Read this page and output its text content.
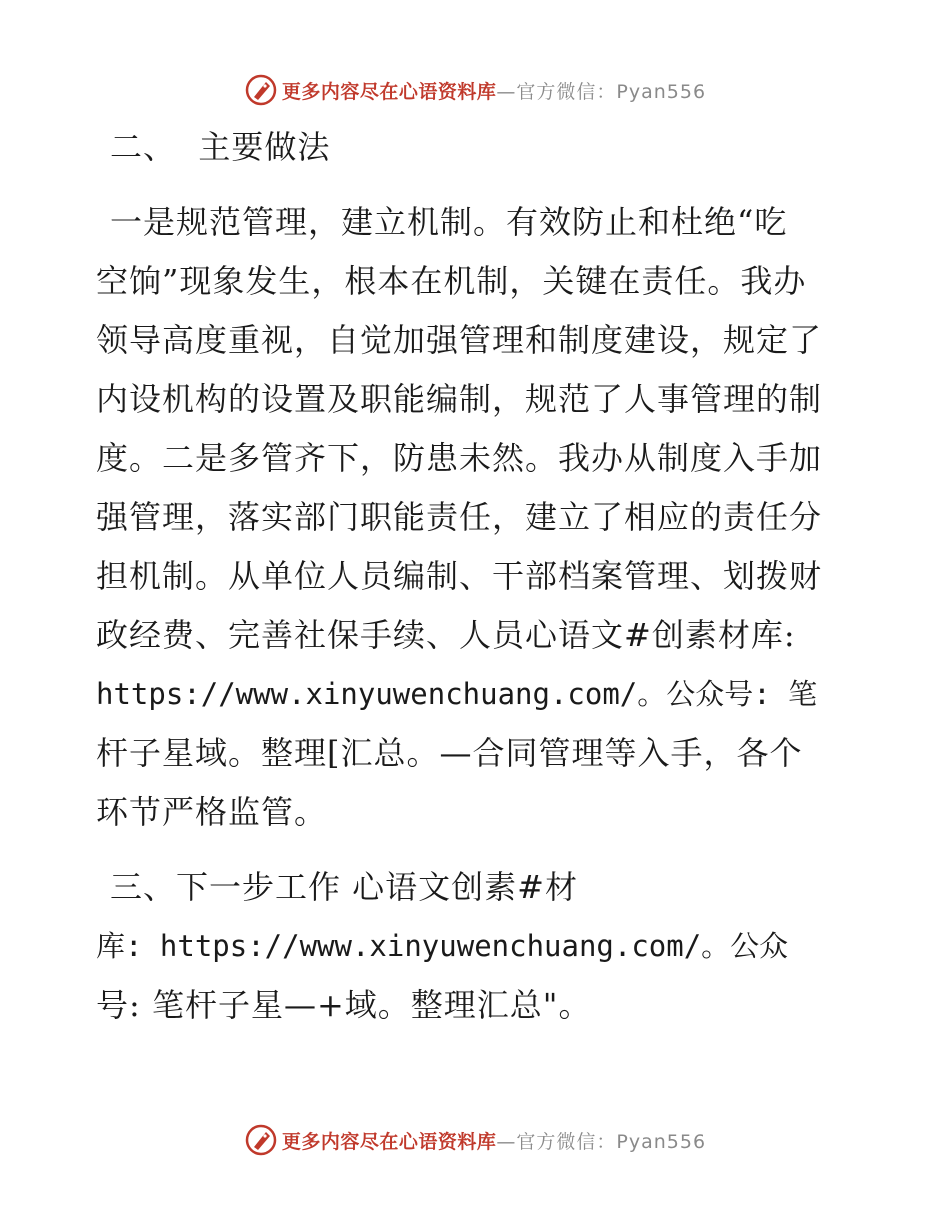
更多内容尽在心语资料库 —官方微信：Pyan556
二、  主要做法
一是规范管理，建立机制。有效防止和杜绝“吃
空饷”现象发生，根本在机制，关键在责任。我办
领导高度重视，自觉加强管理和制度建设，规定了
内设机构的设置及职能编制，规范了人事管理的制
度。二是多管齐下，防患未然。我办从制度入手加
强管理，落实部门职能责任，建立了相应的责任分
担机制。从单位人员编制、干部档案管理、划拨财
政经费、完善社保手续、人员心语文#创素材库:
https://www.xinyuwenchuang.com/。公众号: 笔
杆子星域。整理[汇总。—合同管理等入手，各个
环节严格监管。
三、下一步工作 心语文创素#材
库: https://www.xinyuwenchuang.com/。公众
号: 笔杆子星—+域。整理汇总"。
更多内容尽在心语资料库 —官方微信：Pyan556
